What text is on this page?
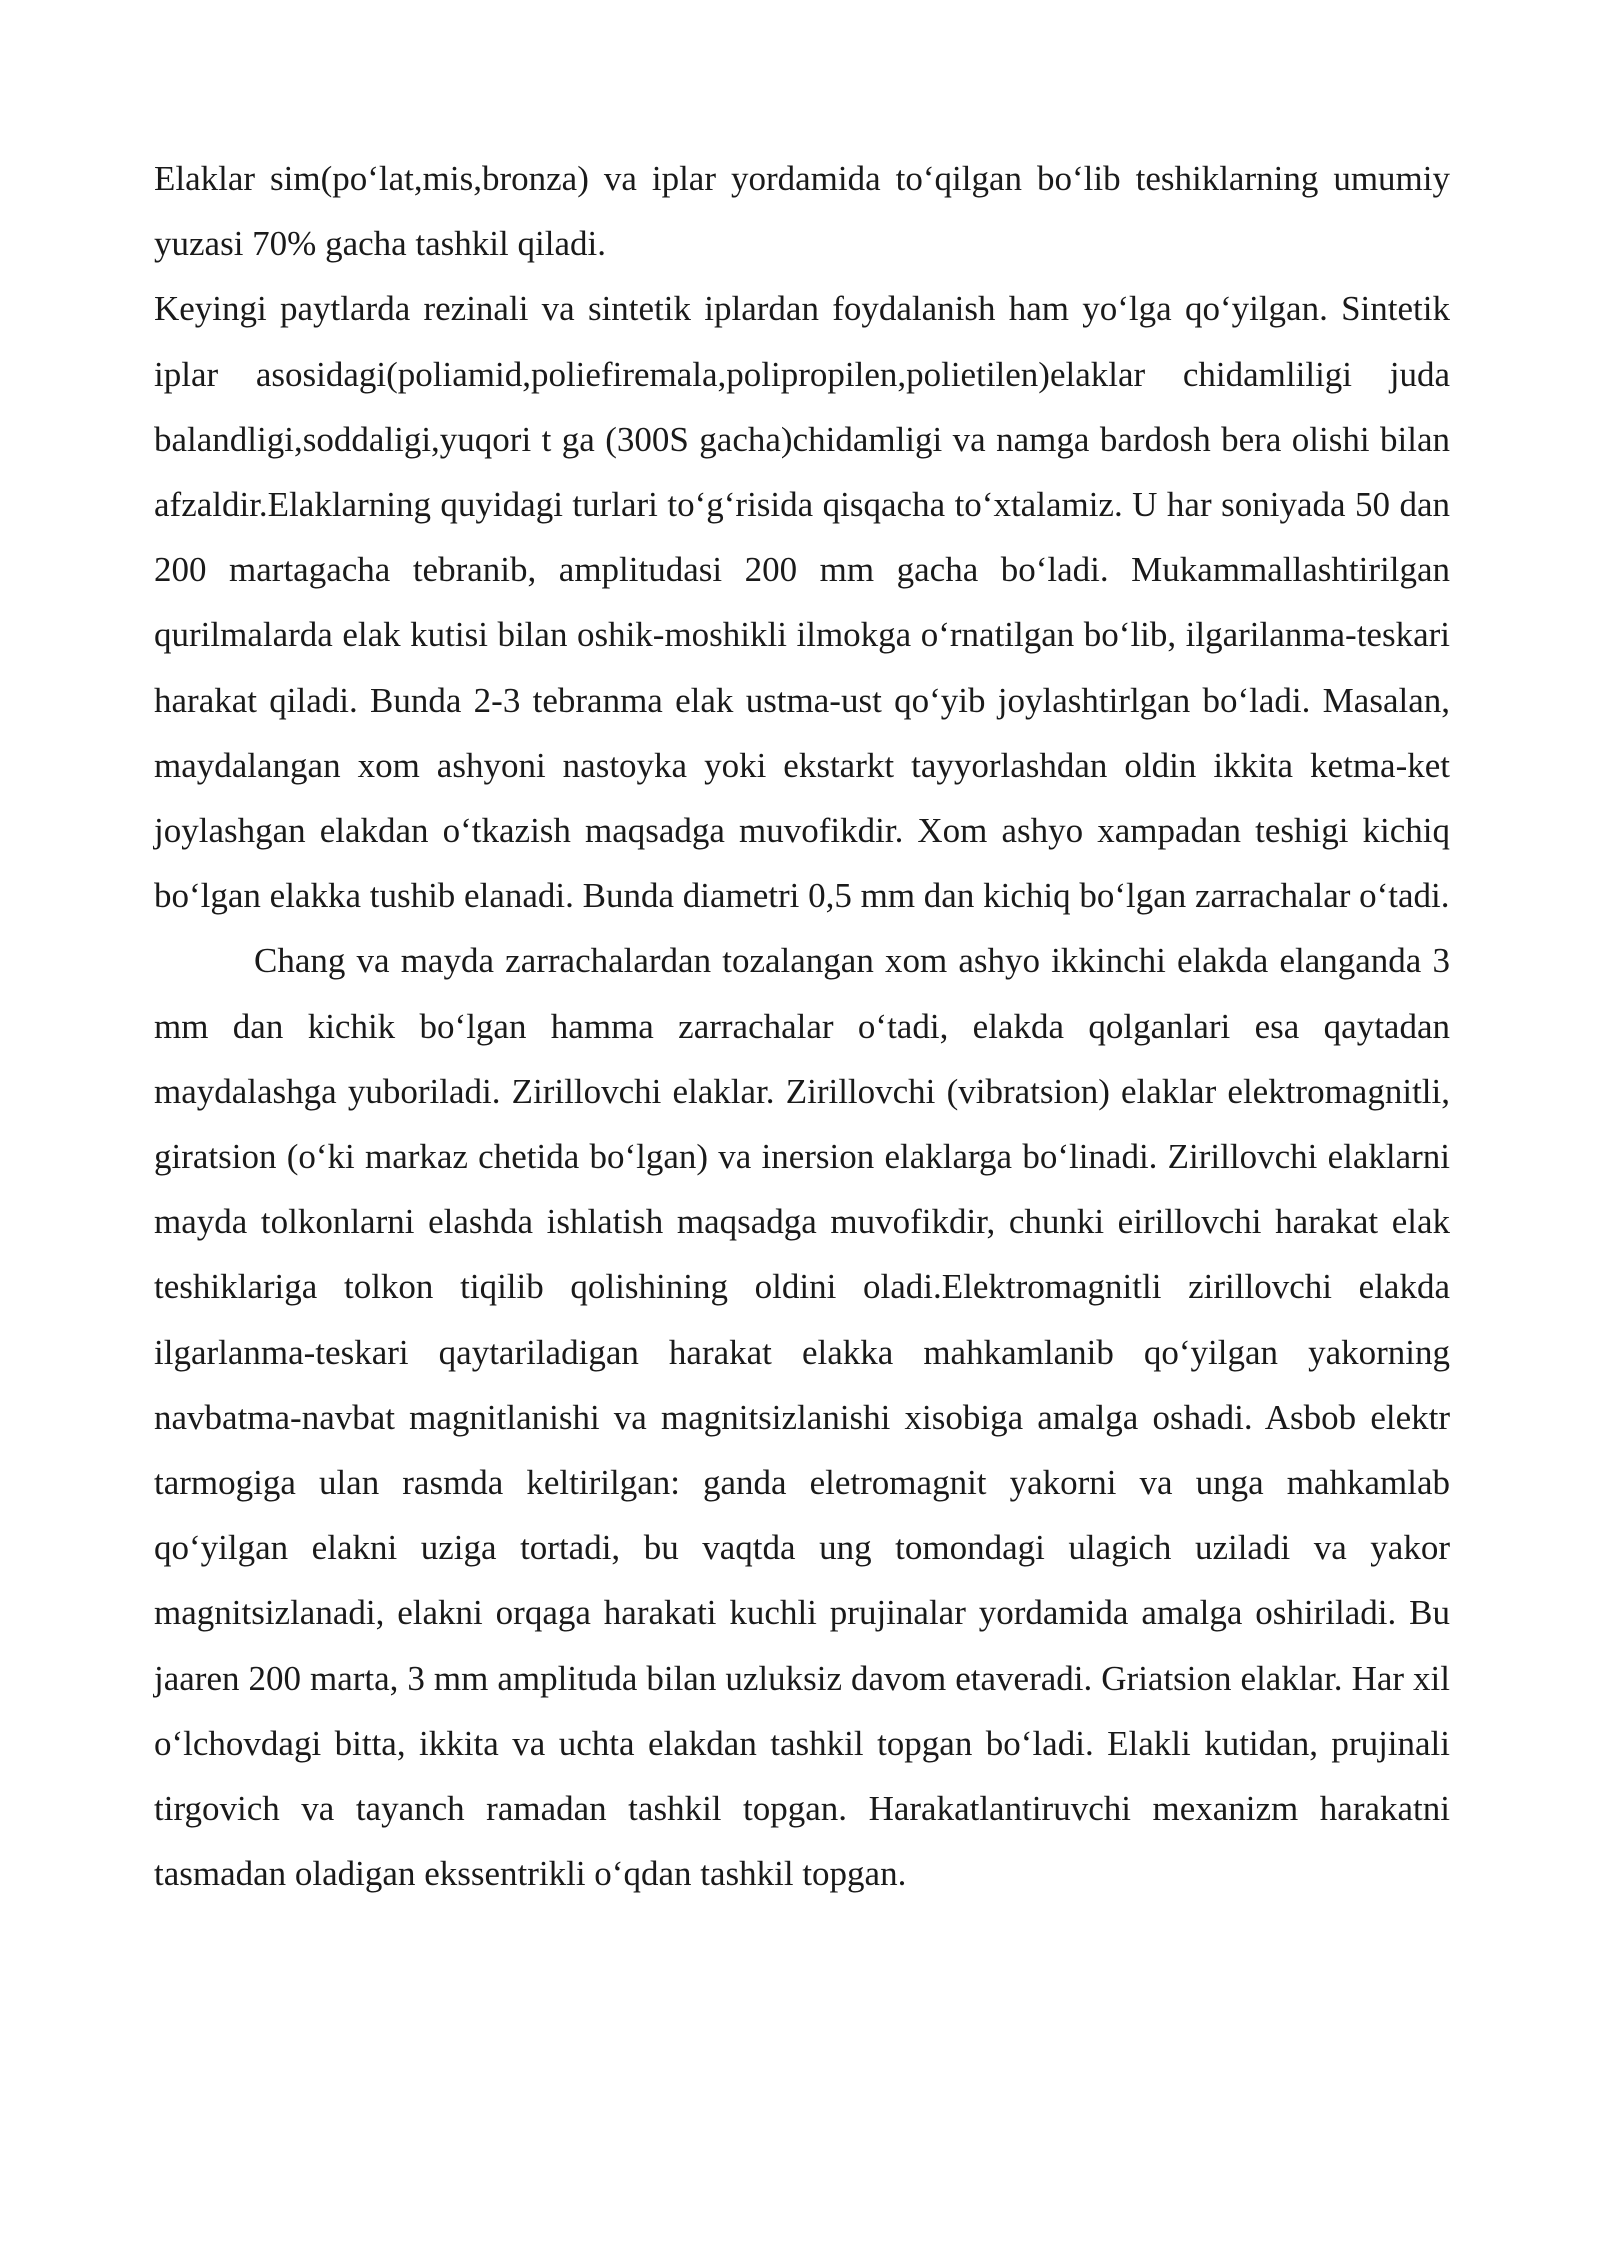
Elaklar sim(po‘lat,mis,bronza) va iplar yordamida to‘qilgan bo‘lib teshiklarning umumiy yuzasi 70% gacha tashkil qiladi.

Keyingi paytlarda rezinali va sintetik iplardan foydalanish ham yo‘lga qo‘yilgan. Sintetik iplar asosidagi(poliamid,poliefiremala,polipropilen,polietilen)elaklar chidamliligi juda balandligi,soddaligi,yuqori t ga (300S gacha)chidamligi va namga bardosh bera olishi bilan afzaldir.Elaklarning quyidagi turlari to‘g‘risida qisqacha to‘xtalamiz. U har soniyada 50 dan 200 martagacha tebranib, amplitudasi 200 mm gacha bo‘ladi. Mukammallashtirilgan qurilmalarda elak kutisi bilan oshik-moshikli ilmokga o‘rnatilgan bo‘lib, ilgarilanma-teskari harakat qiladi. Bunda 2-3 tebranma elak ustma-ust qo‘yib joylashtirlgan bo‘ladi. Masalan, maydalangan xom ashyoni nastoyka yoki ekstarkt tayyorlashdan oldin ikkita ketma-ket joylashgan elakdan o‘tkazish maqsadga muvofikdir. Xom ashyo xampadan teshigi kichiq bo‘lgan elakka tushib elanadi. Bunda diametri 0,5 mm dan kichiq bo‘lgan zarrachalar o‘tadi.

Chang va mayda zarrachalardan tozalangan xom ashyo ikkinchi elakda elanganda 3 mm dan kichik bo‘lgan hamma zarrachalar o‘tadi, elakda qolganlari esa qaytadan maydalashga yuboriladi. Zirillovchi elaklar. Zirillovchi (vibratsion) elaklar elektromagnitli, giratsion (o‘ki markaz chetida bo‘lgan) va inersion elaklarga bo‘linadi. Zirillovchi elaklarni mayda tolkonlarni elashda ishlatish maqsadga muvofikdir, chunki eirillovchi harakat elak teshiklariga tolkon tiqilib qolishining oldini oladi.Elektromagnitli zirillovchi elakda ilgarlanma-teskari qaytariladigan harakat elakka mahkamlanib qo‘yilgan yakorning navbatma-navbat magnitlanishi va magnitsizlanishi xisobiga amalga oshadi. Asbob elektr tarmogiga ulan rasmda keltirilgan: ganda eletromagnit yakorni va unga mahkamlab qo‘yilgan elakni uziga tortadi, bu vaqtda ung tomondagi ulagich uziladi va yakor magnitsizlanadi, elakni orqaga harakati kuchli prujinalar yordamida amalga oshiriladi. Bu jaaren 200 marta, 3 mm amplituda bilan uzluksiz davom etaveradi. Griatsion elaklar. Har xil o‘lchovdagi bitta, ikkita va uchta elakdan tashkil topgan bo‘ladi. Elakli kutidan, prujinali tirgovich va tayanch ramadan tashkil topgan. Harakatlantiruvchi mexanizm harakatni tasmadan oladigan ekssentrikli o‘qdan tashkil topgan.
